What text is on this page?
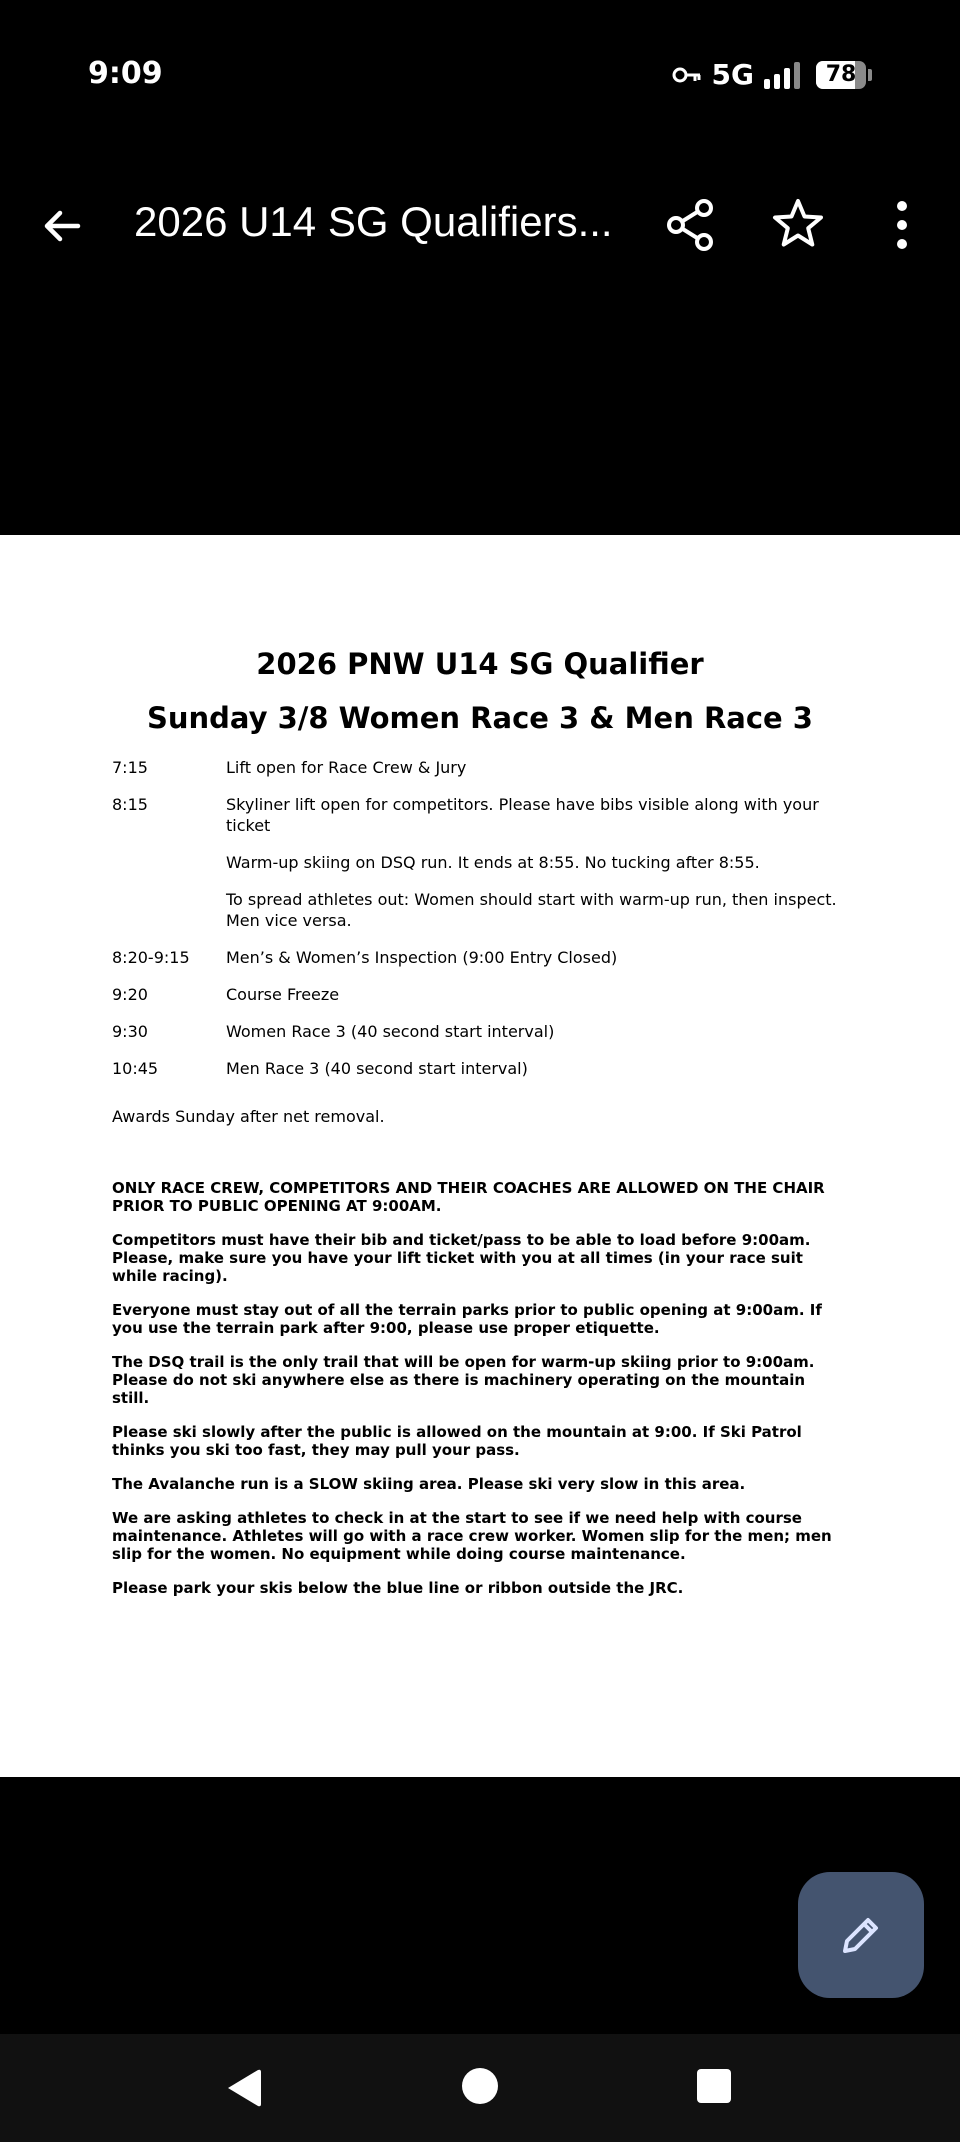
9:09	5G	78
2026 U14 SG Qualifiers...
2026 PNW U14 SG Qualifier
Sunday 3/8 Women Race 3 & Men Race 3
7:15	Lift open for Race Crew & Jury
8:15	Skyliner lift open for competitors. Please have bibs visible along with your ticket
Warm-up skiing on DSQ run. It ends at 8:55. No tucking after 8:55.
To spread athletes out: Women should start with warm-up run, then inspect. Men vice versa.
8:20-9:15	Men’s & Women’s Inspection (9:00 Entry Closed)
9:20	Course Freeze
9:30	Women Race 3 (40 second start interval)
10:45	Men Race 3 (40 second start interval)
Awards Sunday after net removal.
ONLY RACE CREW, COMPETITORS AND THEIR COACHES ARE ALLOWED ON THE CHAIR PRIOR TO PUBLIC OPENING AT 9:00AM.
Competitors must have their bib and ticket/pass to be able to load before 9:00am. Please, make sure you have your lift ticket with you at all times (in your race suit while racing).
Everyone must stay out of all the terrain parks prior to public opening at 9:00am. If you use the terrain park after 9:00, please use proper etiquette.
The DSQ trail is the only trail that will be open for warm-up skiing prior to 9:00am. Please do not ski anywhere else as there is machinery operating on the mountain still.
Please ski slowly after the public is allowed on the mountain at 9:00. If Ski Patrol thinks you ski too fast, they may pull your pass.
The Avalanche run is a SLOW skiing area. Please ski very slow in this area.
We are asking athletes to check in at the start to see if we need help with course maintenance. Athletes will go with a race crew worker. Women slip for the men; men slip for the women. No equipment while doing course maintenance.
Please park your skis below the blue line or ribbon outside the JRC.
